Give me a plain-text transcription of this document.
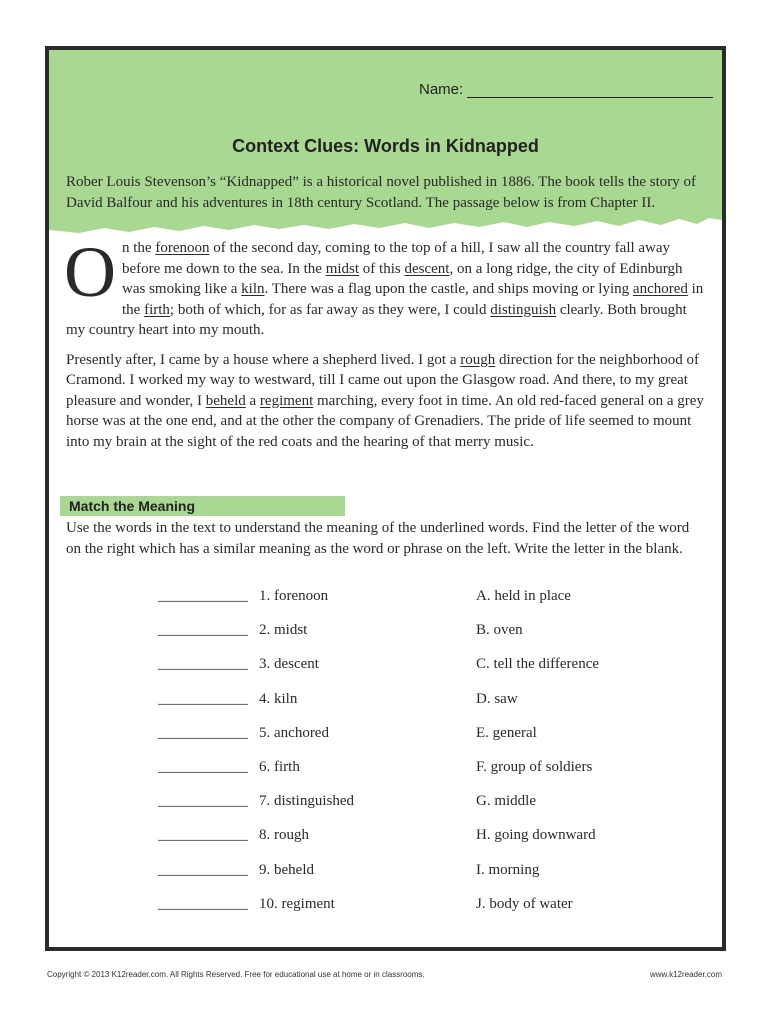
Name:
Context Clues: Words in Kidnapped
Rober Louis Stevenson’s “Kidnapped” is a historical novel published in 1886. The book tells the story of David Balfour and his adventures in 18th century Scotland. The passage below is from Chapter II.

O n the forenoon of the second day, coming to the top of a hill, I saw all the country fall away before me down to the sea. In the midst of this descent, on a long ridge, the city of Edinburgh was smoking like a kiln. There was a flag upon the castle, and ships moving or lying anchored in the firth; both of which, for as far away as they were, I could distinguish clearly. Both brought my country heart into my mouth.

Presently after, I came by a house where a shepherd lived. I got a rough direction for the neighborhood of Cramond. I worked my way to westward, till I came out upon the Glasgow road. And there, to my great pleasure and wonder, I beheld a regiment marching, every foot in time. An old red-faced general on a grey horse was at the one end, and at the other the company of Grenadiers. The pride of life seemed to mount into my brain at the sight of the red coats and the hearing of that merry music.

Match the Meaning
Use the words in the text to understand the meaning of the underlined words. Find the letter of the word on the right which has a similar meaning as the word or phrase on the left. Write the letter in the blank.
____________ 1. forenoon	A. held in place
____________ 2. midst	B. oven
____________ 3. descent	C. tell the difference
____________ 4. kiln	D. saw
____________ 5. anchored	E. general
____________ 6. firth	F. group of soldiers
____________ 7. distinguished	G. middle
____________ 8. rough	H. going downward
____________ 9. beheld	I. morning
____________ 10. regiment	J. body of water
Copyright © 2013 K12reader.com. All Rights Reserved. Free for educational use at home or in classrooms.	www.k12reader.com
